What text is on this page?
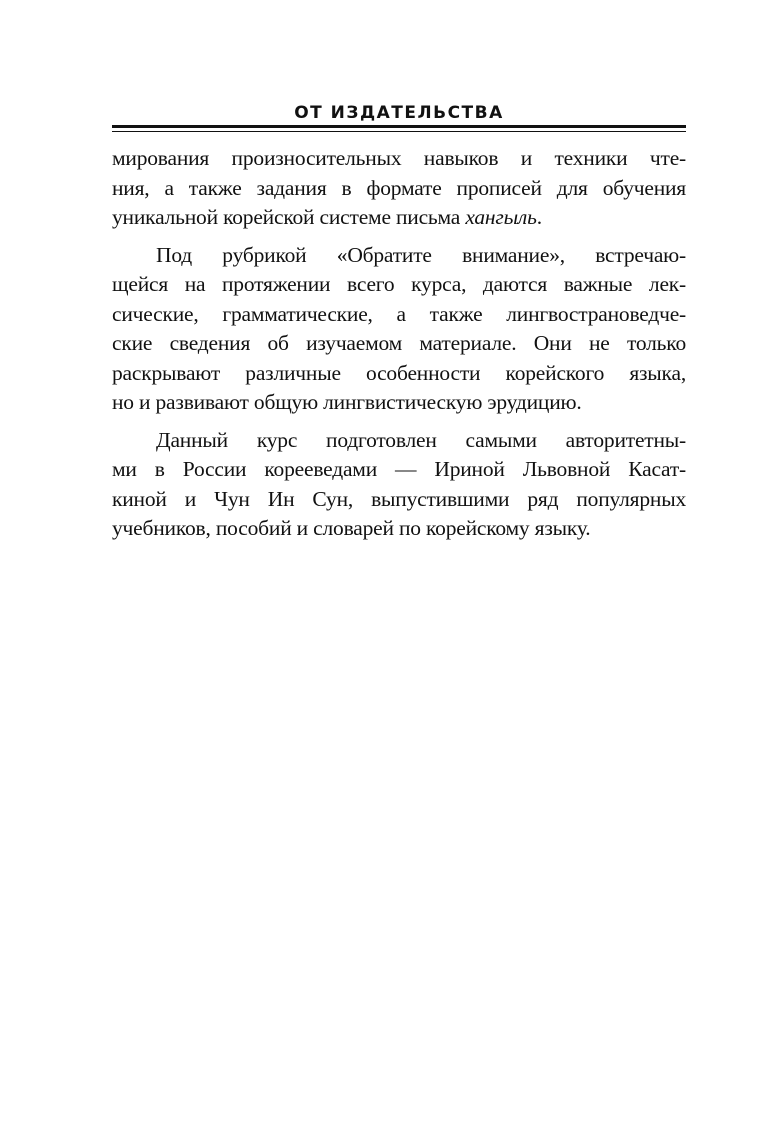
ОТ ИЗДАТЕЛЬСТВА
мирования произносительных навыков и техники чте-
ния, а также задания в формате прописей для обучения
уникальной корейской системе письма хангыль.
Под рубрикой «Обратите внимание», встречаю-
щейся на протяжении всего курса, даются важные лек-
сические, грамматические, а также лингвострановедче-
ские сведения об изучаемом материале. Они не только
раскрывают различные особенности корейского языка,
но и развивают общую лингвистическую эрудицию.
Данный курс подготовлен самыми авторитетны-
ми в России корееведами — Ириной Львовной Касат-
киной и Чун Ин Сун, выпустившими ряд популярных
учебников, пособий и словарей по корейскому языку.
